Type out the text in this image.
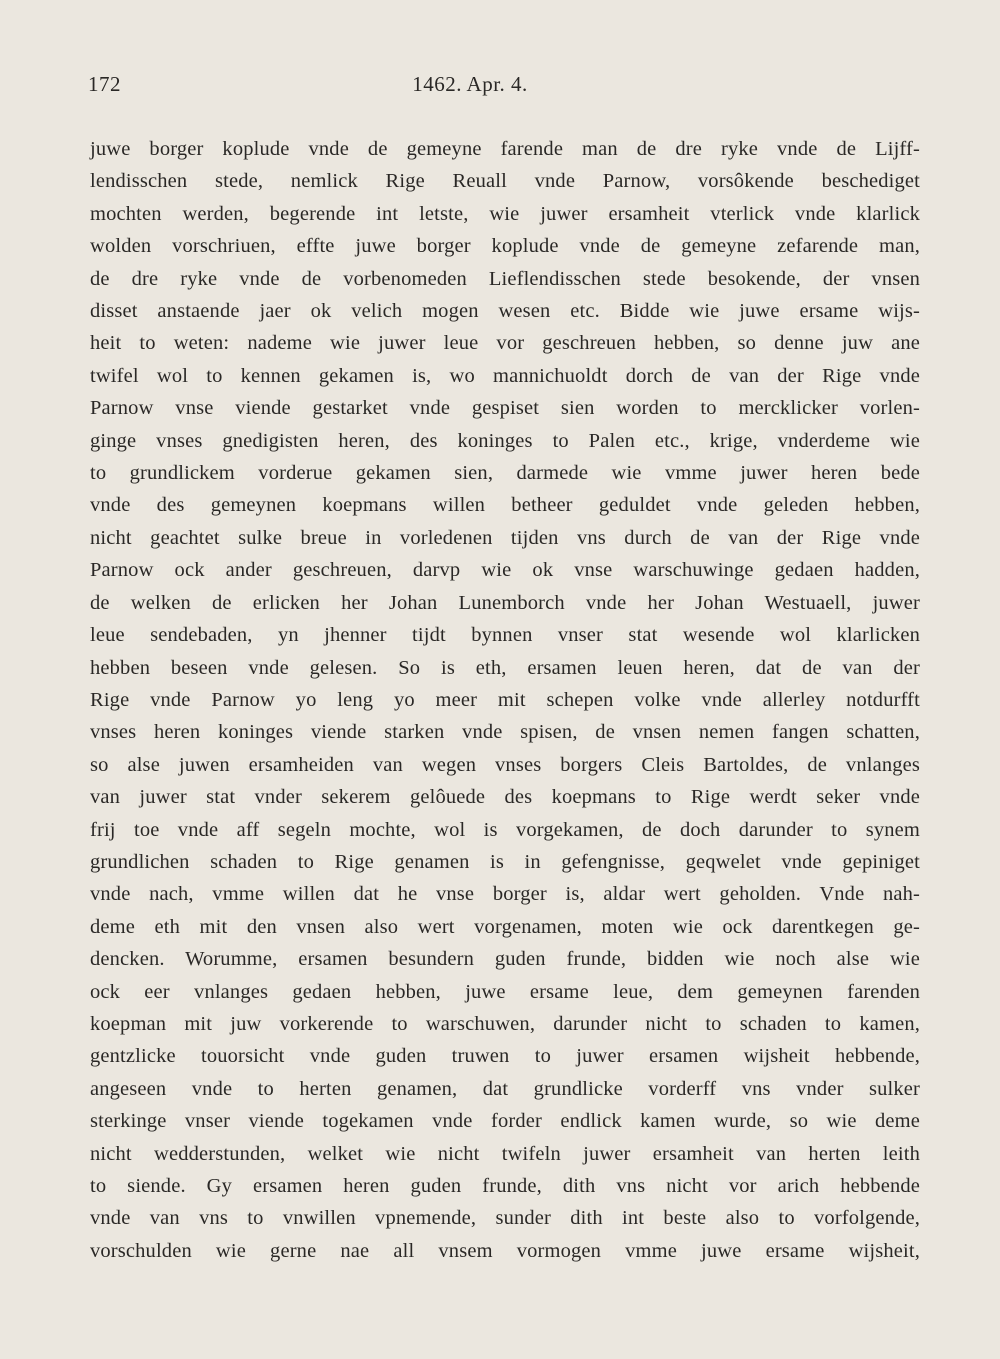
172	1462. Apr. 4.
juwe borger koplude vnde de gemeyne farende man de dre ryke vnde de Lijff-
lendisschen stede, nemlick Rige Reuall vnde Parnow, vorsôkende beschediget
mochten werden, begerende int letste, wie juwer ersamheit vterlick vnde klarlick
wolden vorschriuen, effte juwe borger koplude vnde de gemeyne zefarende man,
de dre ryke vnde de vorbenomeden Lieflendisschen stede besokende, der vnsen
disset anstaende jaer ok velich mogen wesen etc. Bidde wie juwe ersame wijs-
heit to weten: nademe wie juwer leue vor geschreuen hebben, so denne juw ane
twifel wol to kennen gekamen is, wo mannichuoldt dorch de van der Rige vnde
Parnow vnse viende gestarket vnde gespiset sien worden to mercklicker vorlen-
ginge vnses gnedigisten heren, des koninges to Palen etc., krige, vnderdeme wie
to grundlickem vorderue gekamen sien, darmede wie vmme juwer heren bede
vnde des gemeynen koepmans willen betheer geduldet vnde geleden hebben,
nicht geachtet sulke breue in vorledenen tijden vns durch de van der Rige vnde
Parnow ock ander geschreuen, darvp wie ok vnse warschuwinge gedaen hadden,
de welken de erlicken her Johan Lunemborch vnde her Johan Westuaell, juwer
leue sendebaden, yn jhenner tijdt bynnen vnser stat wesende wol klarlicken
hebben beseen vnde gelesen. So is eth, ersamen leuen heren, dat de van der
Rige vnde Parnow yo leng yo meer mit schepen volke vnde allerley notdurfft
vnses heren koninges viende starken vnde spisen, de vnsen nemen fangen schatten,
so alse juwen ersamheiden van wegen vnses borgers Cleis Bartoldes, de vnlanges
van juwer stat vnder sekerem gelôuede des koepmans to Rige werdt seker vnde
frij toe vnde aff segeln mochte, wol is vorgekamen, de doch darunder to synem
grundlichen schaden to Rige genamen is in gefengnisse, geqwelet vnde gepiniget
vnde nach, vmme willen dat he vnse borger is, aldar wert geholden. Vnde nah-
deme eth mit den vnsen also wert vorgenamen, moten wie ock darentkegen ge-
dencken. Worumme, ersamen besundern guden frunde, bidden wie noch alse wie
ock eer vnlanges gedaen hebben, juwe ersame leue, dem gemeynen farenden
koepman mit juw vorkerende to warschuwen, darunder nicht to schaden to kamen,
gentzlicke touorsicht vnde guden truwen to juwer ersamen wijsheit hebbende,
angeseen vnde to herten genamen, dat grundlicke vorderff vns vnder sulker
sterkinge vnser viende togekamen vnde forder endlick kamen wurde, so wie deme
nicht wedderstunden, welket wie nicht twifeln juwer ersamheit van herten leith
to siende. Gy ersamen heren guden frunde, dith vns nicht vor arich hebbende
vnde van vns to vnwillen vpnemende, sunder dith int beste also to vorfolgende,
vorschulden wie gerne nae all vnsem vormogen vmme juwe ersame wijsheit,
